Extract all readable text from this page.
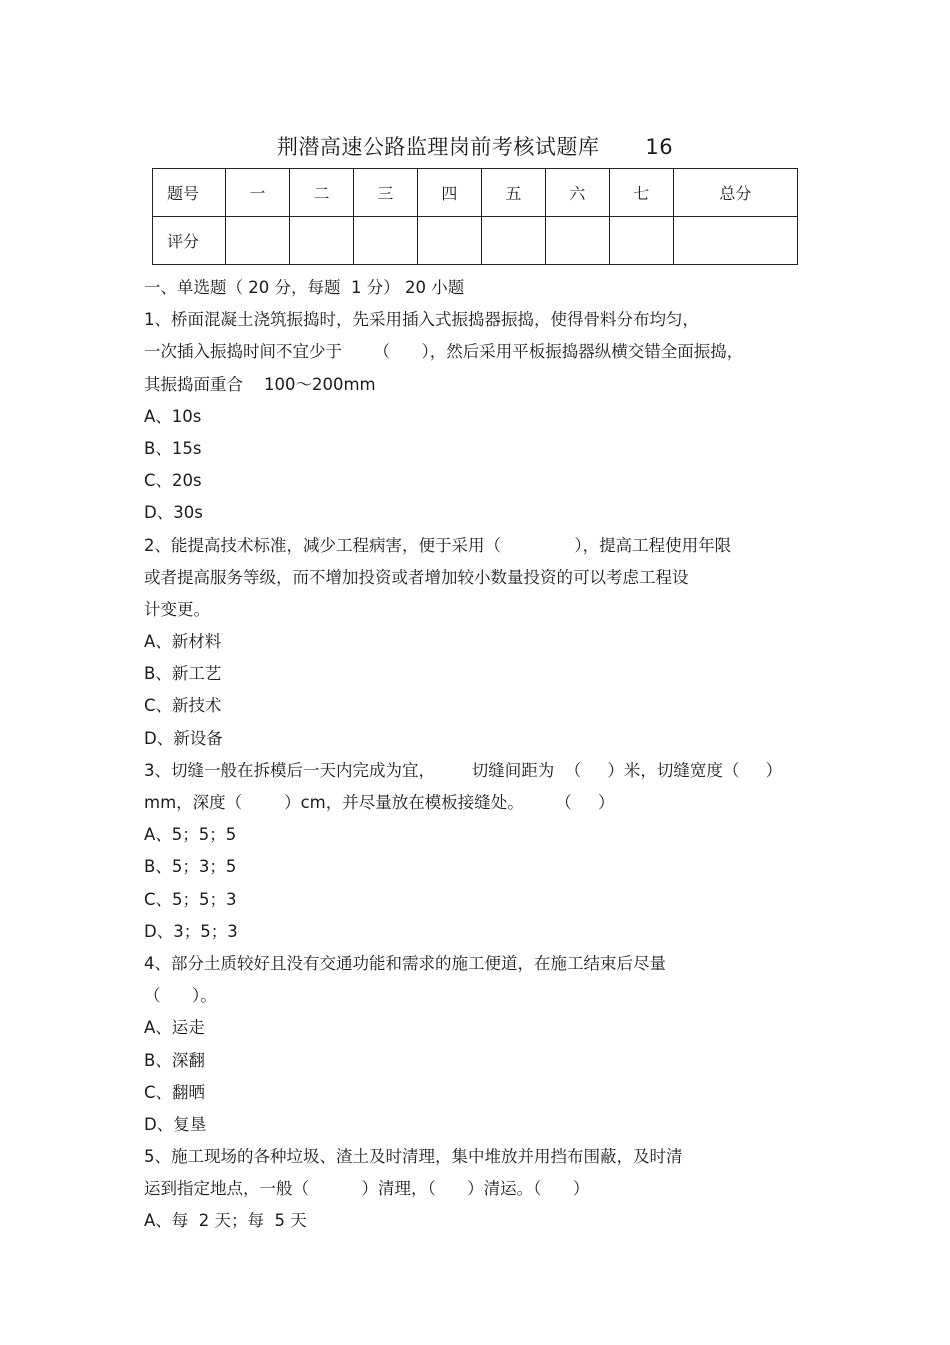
荆潜高速公路监理岗前考核试题库 16
题号	一	二	三	四	五	六	七	总分
评分								
一、单选题（ 20 分，每题  1 分） 20 小题
1、桥面混凝土浇筑振捣时，先采用插入式振捣器振捣，使得骨料分布均匀，
一次插入振捣时间不宜少于      （      ），然后采用平板振捣器纵横交错全面振捣，
其振捣面重合    100～200mm
A、10s
B、15s
C、20s
D、30s
2、能提高技术标准，减少工程病害，便于采用（              ），提高工程使用年限
或者提高服务等级，而不增加投资或者增加较小数量投资的可以考虑工程设
计变更。
A、新材料
B、新工艺
C、新技术
D、新设备
3、切缝一般在拆模后一天内完成为宜，       切缝间距为  （     ）米，切缝宽度（     ）
mm，深度（        ）cm，并尽量放在模板接缝处。      （     ）
A、5；5；5
B、5；3；5
C、5；5；3
D、3；5；3
4、部分土质较好且没有交通功能和需求的施工便道，在施工结束后尽量
（      ）。
A、运走
B、深翻
C、翻晒
D、复垦
5、施工现场的各种垃圾、渣土及时清理，集中堆放并用挡布围蔽，及时清
运到指定地点，一般（          ）清理，（      ）清运。（      ）
A、每  2 天；每  5 天
